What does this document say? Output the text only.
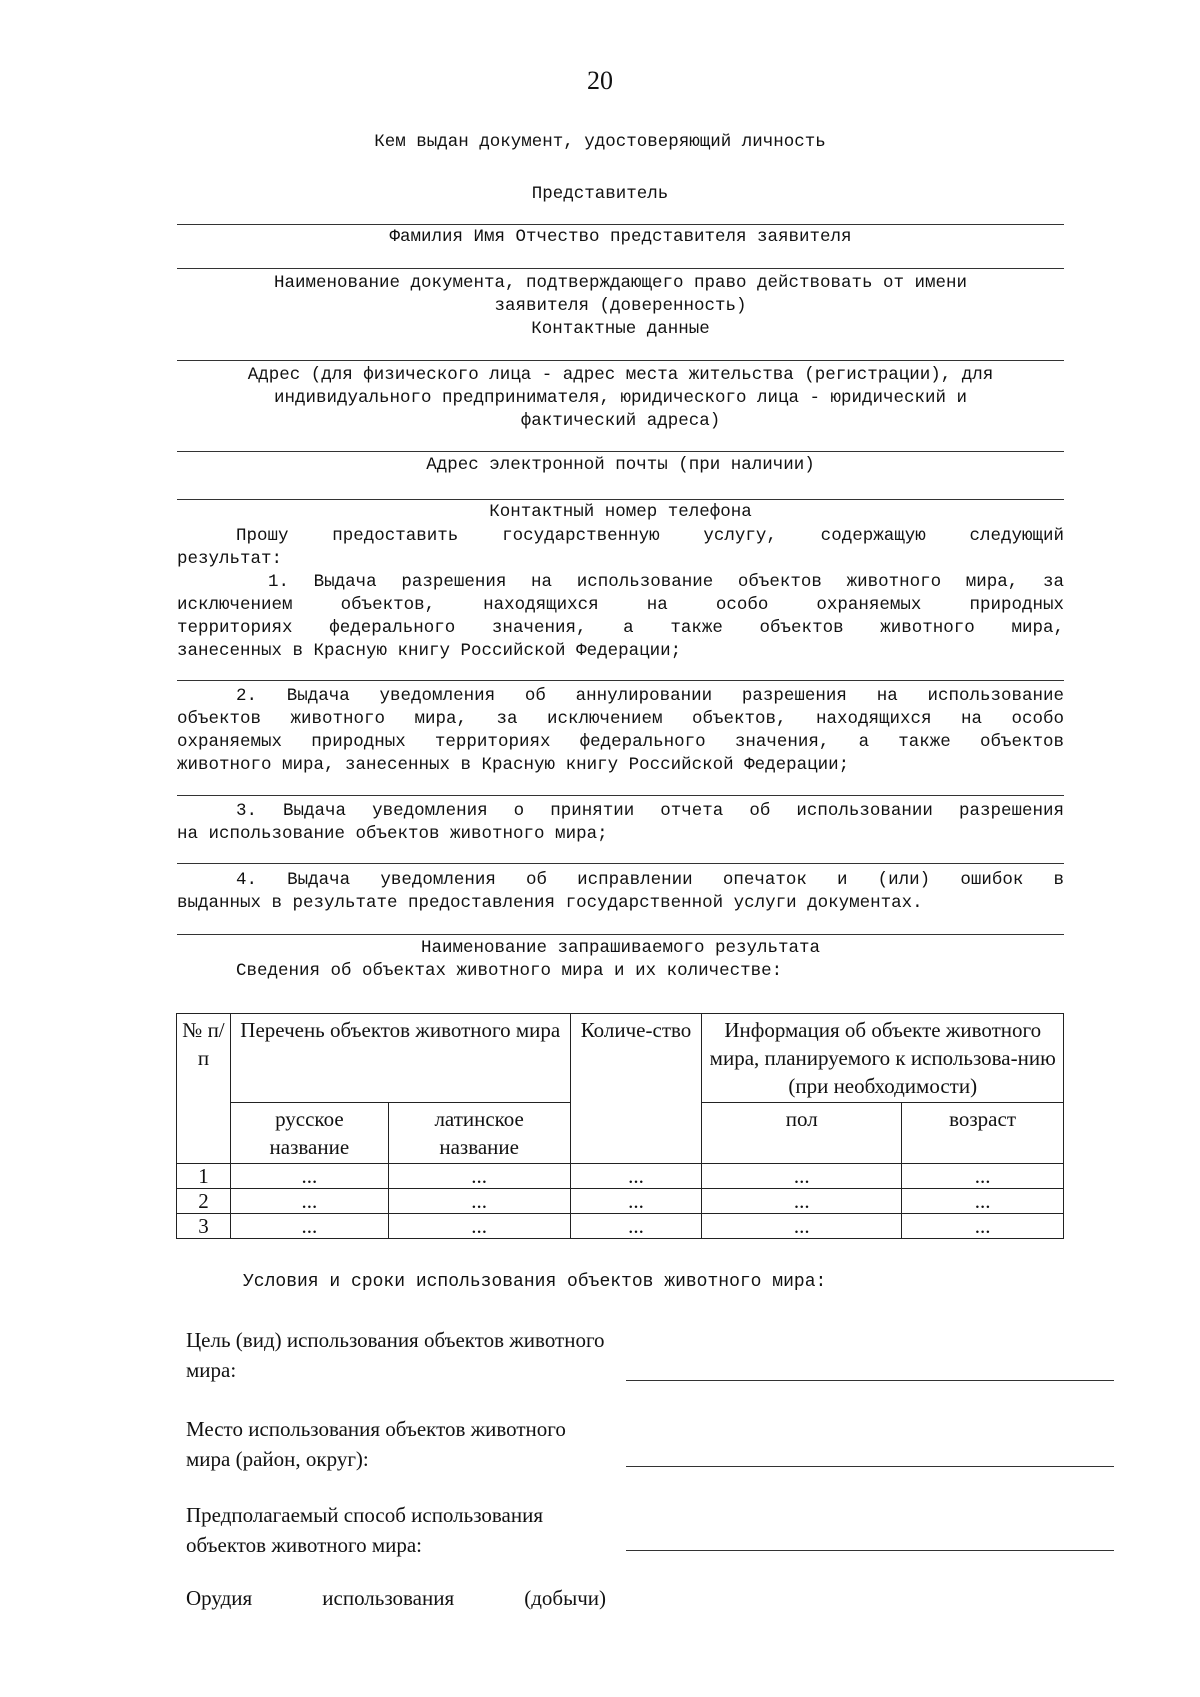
20
Кем выдан документ, удостоверяющий личность
Представитель
Фамилия Имя Отчество представителя заявителя
Наименование документа, подтверждающего право действовать от имени
заявителя (доверенность)
Контактные данные
Адрес (для физического лица - адрес места жительства (регистрации), для
индивидуального предпринимателя, юридического лица - юридический и
фактический адреса)
Адрес электронной почты (при наличии)
Контактный номер телефона
Прошу предоставить государственную услугу, содержащую следующий
результат:
1. Выдача разрешения на использование объектов животного мира, за
исключением объектов, находящихся на особо охраняемых природных
территориях федерального значения, а также объектов животного мира,
занесенных в Красную книгу Российской Федерации;
2. Выдача уведомления об аннулировании разрешения на использование
объектов животного мира, за исключением объектов, находящихся на особо
охраняемых природных территориях федерального значения, а также объектов
животного мира, занесенных в Красную книгу Российской Федерации;
3. Выдача уведомления о принятии отчета об использовании разрешения
на использование объектов животного мира;
4. Выдача уведомления об исправлении опечаток и (или) ошибок в
выданных в результате предоставления государственной услуги документах.
Наименование запрашиваемого результата
Сведения об объектах животного мира и их количестве:
№ п/п	Перечень объектов животного мира		Количе-ство	Информация об объекте животного мира, планируемого к использова-нию (при необходимости)	
	русское название	латинское название		пол	возраст
1	...	...	...	...	...
2	...	...	...	...	...
3	...	...	...	...	...
Условия и сроки использования объектов животного мира:
Цель (вид) использования объектов животного мира:
Место использования объектов животного мира (район, округ):
Предполагаемый способ использования объектов животного мира:
Орудия использования (добычи)
